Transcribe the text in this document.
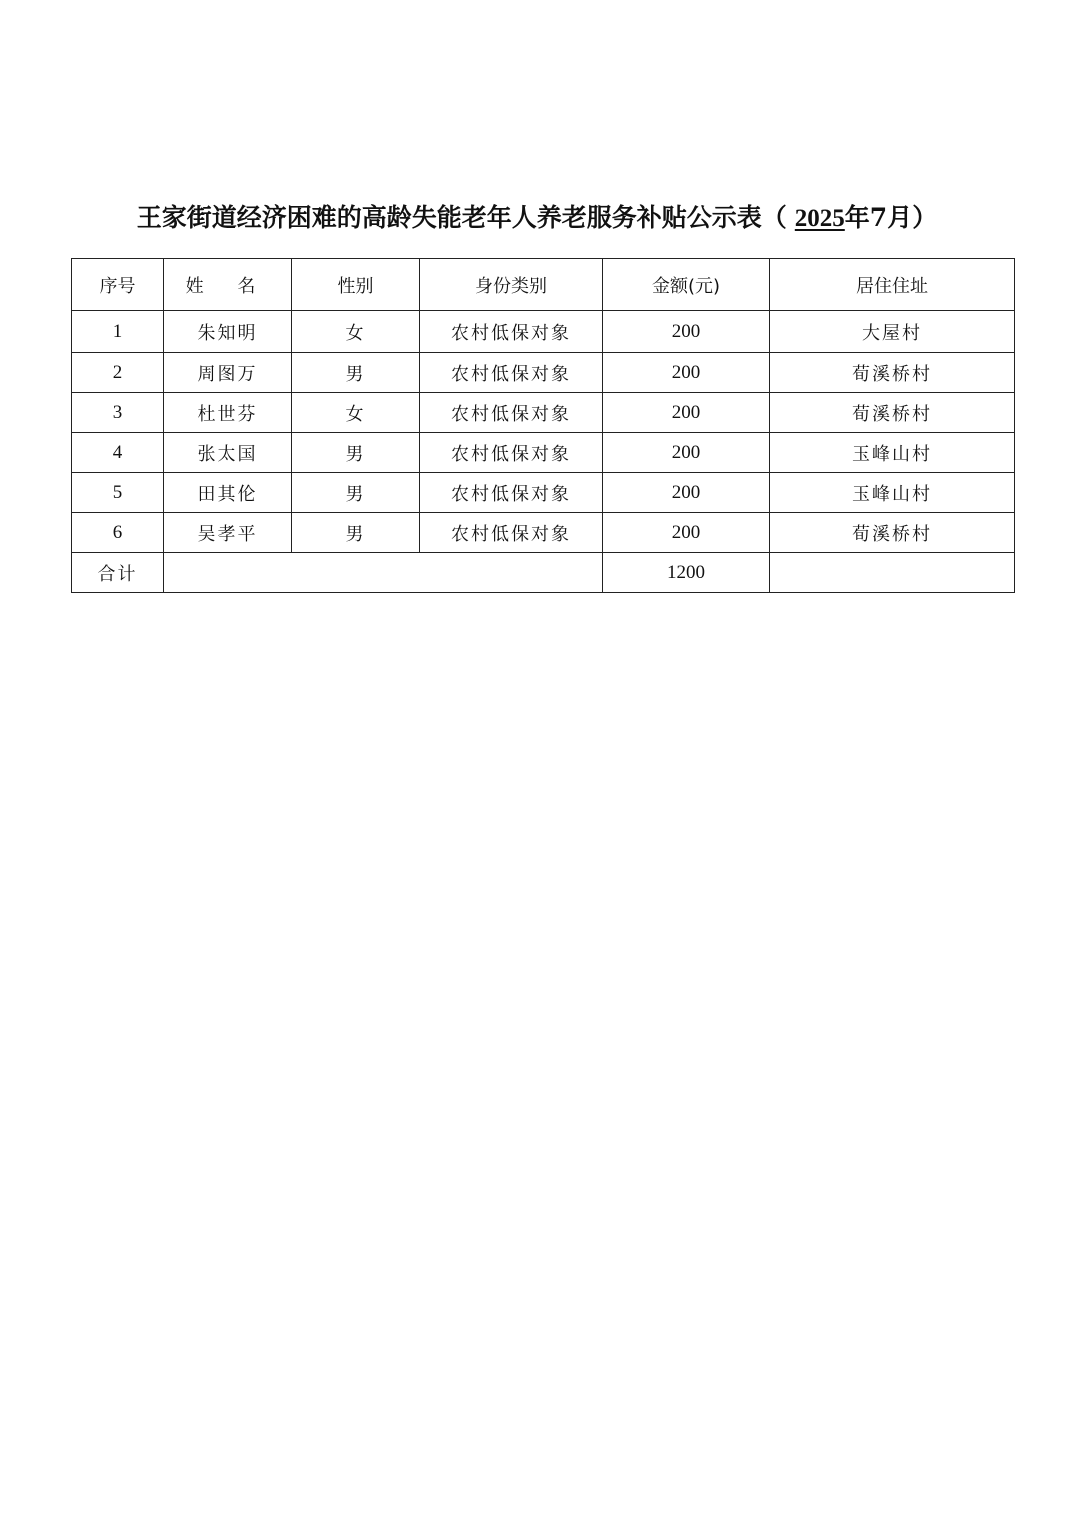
王家街道经济困难的高龄失能老年人养老服务补贴公示表（ 2025年7月）
序号	姓 名	性别	身份类别	金额(元)	居住住址
1	朱知明	女	农村低保对象	200	大屋村
2	周图万	男	农村低保对象	200	荀溪桥村
3	杜世芬	女	农村低保对象	200	荀溪桥村
4	张太国	男	农村低保对象	200	玉峰山村
5	田其伦	男	农村低保对象	200	玉峰山村
6	吴孝平	男	农村低保对象	200	荀溪桥村
合计				1200	
